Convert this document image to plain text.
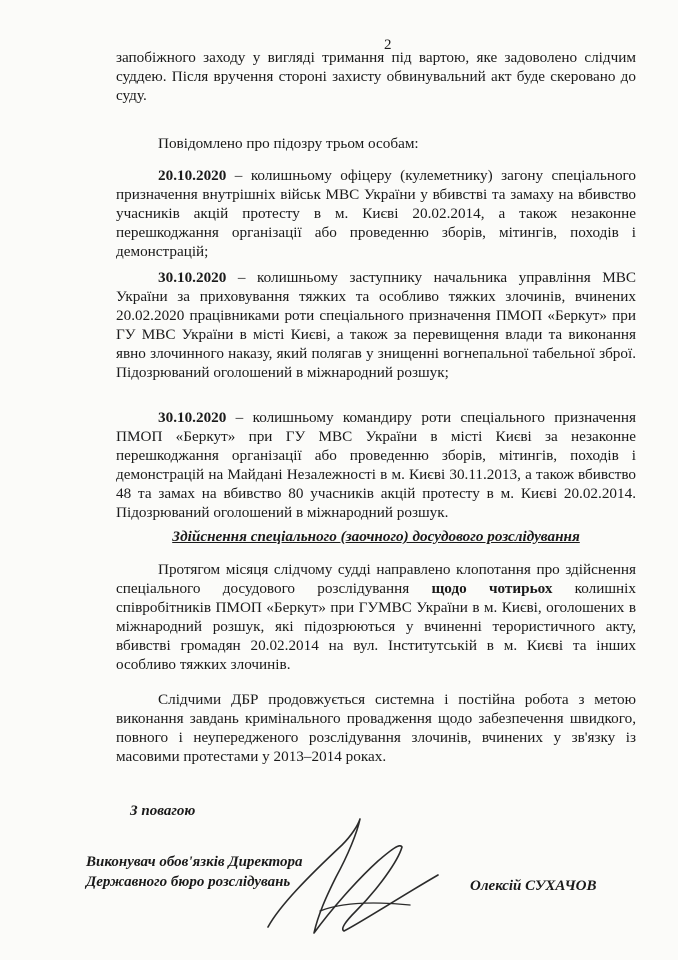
2

запобіжного заходу у вигляді тримання під вартою, яке задоволено слідчим суддею. Після вручення стороні захисту обвинувальний акт буде скеровано до суду.

Повідомлено про підозру трьом особам:

20.10.2020 – колишньому офіцеру (кулеметнику) загону спеціального призначення внутрішніх військ МВС України у вбивстві та замаху на вбивство учасників акцій протесту в м. Києві 20.02.2014, а також незаконне перешкоджання організації або проведенню зборів, мітингів, походів і демонстрацій;

30.10.2020 – колишньому заступнику начальника управління МВС України за приховування тяжких та особливо тяжких злочинів, вчинених 20.02.2020 працівниками роти спеціального призначення ПМОП «Беркут» при ГУ МВС України в місті Києві, а також за перевищення влади та виконання явно злочинного наказу, який полягав у знищенні вогнепальної табельної зброї. Підозрюваний оголошений в міжнародний розшук;

30.10.2020 – колишньому командиру роти спеціального призначення ПМОП «Беркут» при ГУ МВС України в місті Києві за незаконне перешкоджання організації або проведенню зборів, мітингів, походів і демонстрацій на Майдані Незалежності в м. Києві 30.11.2013, а також вбивство 48 та замах на вбивство 80 учасників акцій протесту в м. Києві 20.02.2014. Підозрюваний оголошений в міжнародний розшук.

Здійснення спеціального (заочного) досудового розслідування

Протягом місяця слідчому судді направлено клопотання про здійснення спеціального досудового розслідування щодо чотирьох колишніх співробітників ПМОП «Беркут» при ГУМВС України в м. Києві, оголошених в міжнародний розшук, які підозрюються у вчиненні терористичного акту, вбивстві громадян 20.02.2014 на вул. Інститутській в м. Києві та інших особливо тяжких злочинів.

Слідчими ДБР продовжується системна і постійна робота з метою виконання завдань кримінального провадження щодо забезпечення швидкого, повного і неупередженого розслідування злочинів, вчинених у зв'язку із масовими протестами у 2013–2014 роках.

З повагою
Виконувач обов'язків Директора
Державного бюро розслідувань	Олексій СУХАЧОВ
